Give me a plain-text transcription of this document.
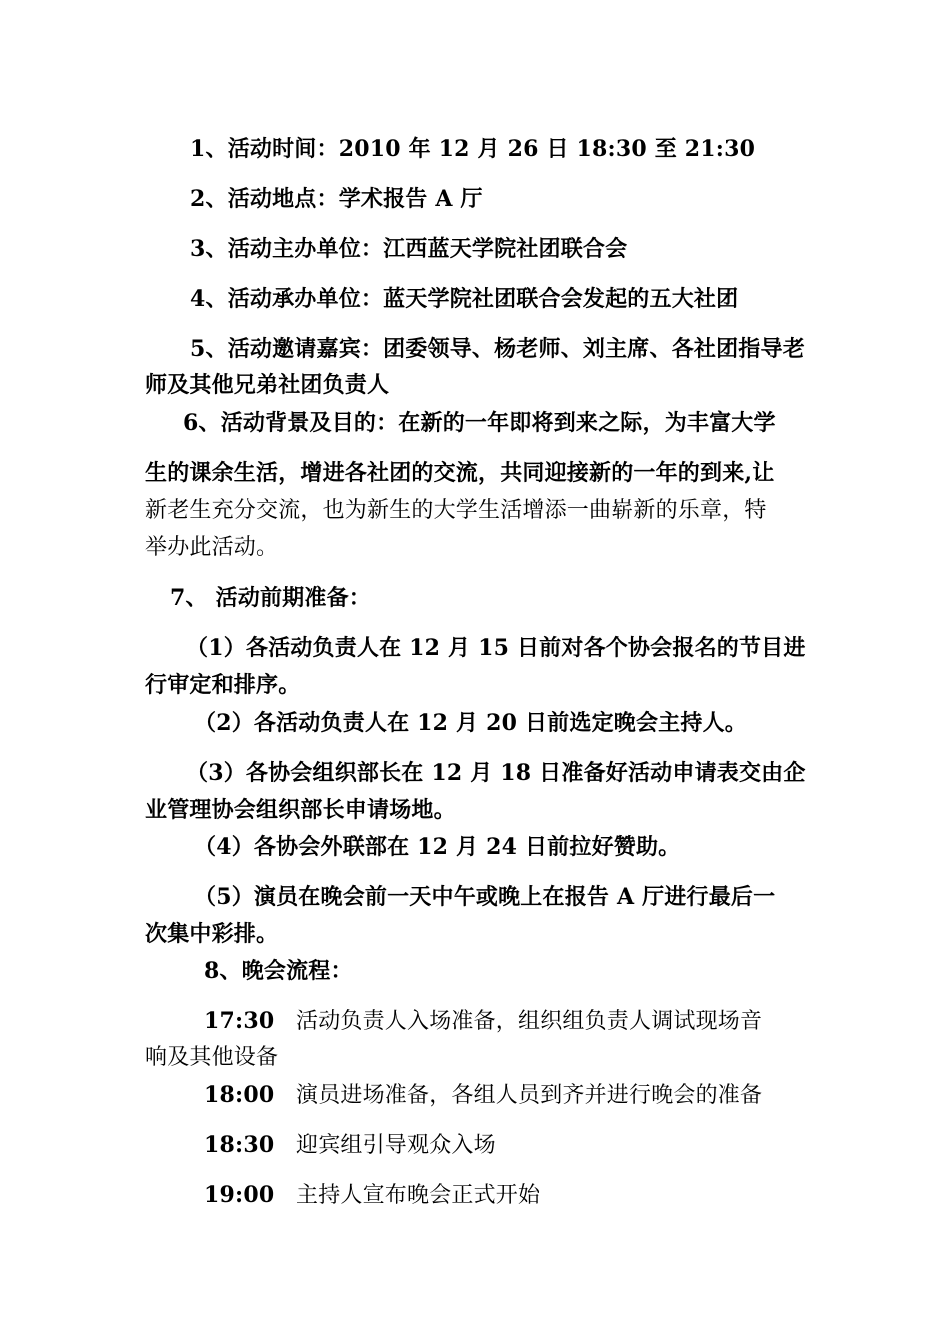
1、活动时间：2010 年 12 月 26 日 18:30 至 21:30
2、活动地点：学术报告 A 厅
3、活动主办单位：江西蓝天学院社团联合会
4、活动承办单位：蓝天学院社团联合会发起的五大社团
5、活动邀请嘉宾：团委领导、杨老师、刘主席、各社团指导老
师及其他兄弟社团负责人
6、活动背景及目的：在新的一年即将到来之际，为丰富大学
生的课余生活，增进各社团的交流，共同迎接新的一年的到来,让
新老生充分交流，也为新生的大学生活增添一曲崭新的乐章，特
举办此活动。
7、 活动前期准备：
（1）各活动负责人在 12 月 15 日前对各个协会报名的节目进
行审定和排序。
（2）各活动负责人在 12 月 20 日前选定晚会主持人。
（3）各协会组织部长在 12 月 18 日准备好活动申请表交由企
业管理协会组织部长申请场地。
（4）各协会外联部在 12 月 24 日前拉好赞助。
（5）演员在晚会前一天中午或晚上在报告 A 厅进行最后一
次集中彩排。
8、晚会流程：
17:30 活动负责人入场准备，组织组负责人调试现场音
响及其他设备
18:00 演员进场准备，各组人员到齐并进行晚会的准备
18:30 迎宾组引导观众入场
19:00 主持人宣布晚会正式开始
